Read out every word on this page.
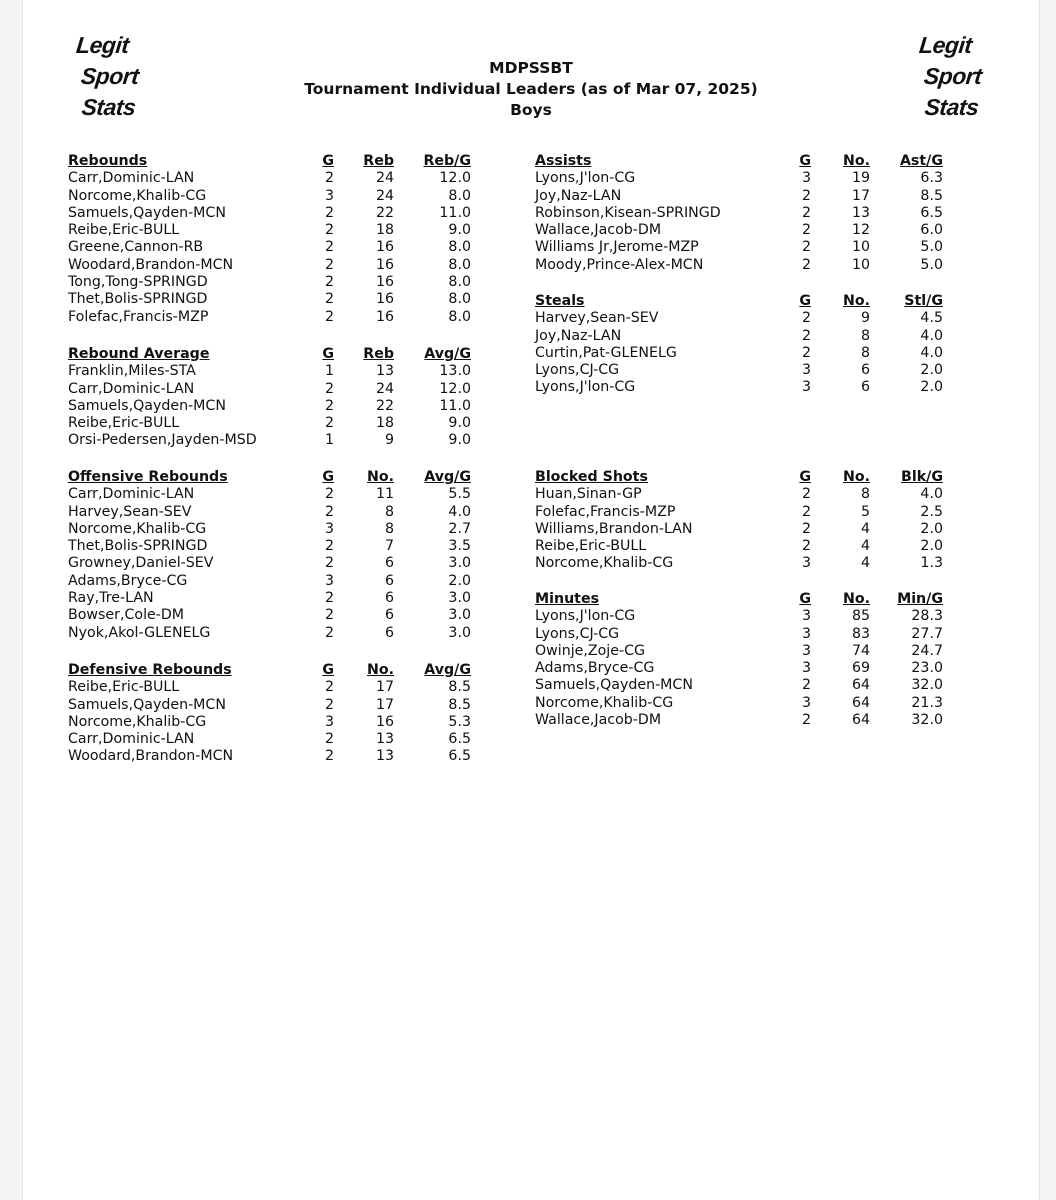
Legit
Sport
Stats
Legit
Sport
Stats
MDPSSBT
Tournament Individual Leaders (as of Mar 07, 2025)
Boys
Rebounds	G	Reb	Reb/G
Carr,Dominic-LAN	2	24	12.0
Norcome,Khalib-CG	3	24	8.0
Samuels,Qayden-MCN	2	22	11.0
Reibe,Eric-BULL	2	18	9.0
Greene,Cannon-RB	2	16	8.0
Woodard,Brandon-MCN	2	16	8.0
Tong,Tong-SPRINGD	2	16	8.0
Thet,Bolis-SPRINGD	2	16	8.0
Folefac,Francis-MZP	2	16	8.0
Rebound Average	G	Reb	Avg/G
Franklin,Miles-STA	1	13	13.0
Carr,Dominic-LAN	2	24	12.0
Samuels,Qayden-MCN	2	22	11.0
Reibe,Eric-BULL	2	18	9.0
Orsi-Pedersen,Jayden-MSD	1	9	9.0
Offensive Rebounds	G	No.	Avg/G
Carr,Dominic-LAN	2	11	5.5
Harvey,Sean-SEV	2	8	4.0
Norcome,Khalib-CG	3	8	2.7
Thet,Bolis-SPRINGD	2	7	3.5
Growney,Daniel-SEV	2	6	3.0
Adams,Bryce-CG	3	6	2.0
Ray,Tre-LAN	2	6	3.0
Bowser,Cole-DM	2	6	3.0
Nyok,Akol-GLENELG	2	6	3.0
Defensive Rebounds	G	No.	Avg/G
Reibe,Eric-BULL	2	17	8.5
Samuels,Qayden-MCN	2	17	8.5
Norcome,Khalib-CG	3	16	5.3
Carr,Dominic-LAN	2	13	6.5
Woodard,Brandon-MCN	2	13	6.5
Assists	G	No.	Ast/G
Lyons,J'lon-CG	3	19	6.3
Joy,Naz-LAN	2	17	8.5
Robinson,Kisean-SPRINGD	2	13	6.5
Wallace,Jacob-DM	2	12	6.0
Williams Jr,Jerome-MZP	2	10	5.0
Moody,Prince-Alex-MCN	2	10	5.0
Steals	G	No.	Stl/G
Harvey,Sean-SEV	2	9	4.5
Joy,Naz-LAN	2	8	4.0
Curtin,Pat-GLENELG	2	8	4.0
Lyons,CJ-CG	3	6	2.0
Lyons,J'lon-CG	3	6	2.0
Blocked Shots	G	No.	Blk/G
Huan,Sinan-GP	2	8	4.0
Folefac,Francis-MZP	2	5	2.5
Williams,Brandon-LAN	2	4	2.0
Reibe,Eric-BULL	2	4	2.0
Norcome,Khalib-CG	3	4	1.3
Minutes	G	No.	Min/G
Lyons,J'lon-CG	3	85	28.3
Lyons,CJ-CG	3	83	27.7
Owinje,Zoje-CG	3	74	24.7
Adams,Bryce-CG	3	69	23.0
Samuels,Qayden-MCN	2	64	32.0
Norcome,Khalib-CG	3	64	21.3
Wallace,Jacob-DM	2	64	32.0
